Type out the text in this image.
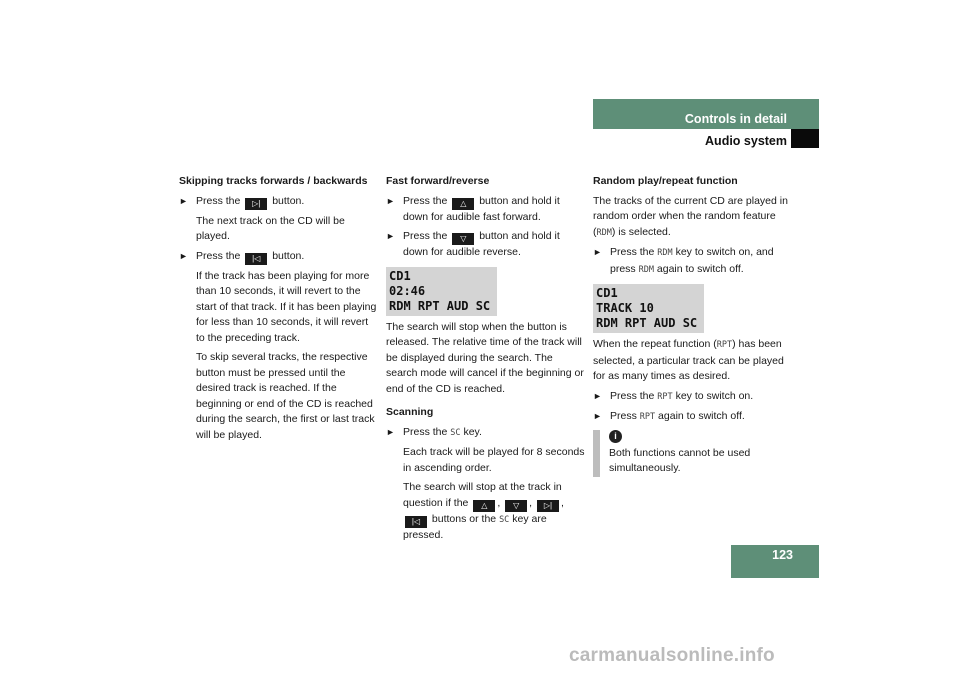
Controls in detail
Audio system
Skipping tracks forwards / backwards
► Press the ▷| button.

The next track on the CD will be played.

► Press the |◁ button.

If the track has been playing for more than 10 seconds, it will revert to the start of that track. If it has been playing for less than 10 seconds, it will revert to the preceding track.

To skip several tracks, the respective button must be pressed until the desired track is reached. If the beginning or end of the CD is reached during the search, the first or last track will be played.

Fast forward/reverse
► Press the △ button and hold it down for audible fast forward.
► Press the ▽ button and hold it down for audible reverse.
CD1
02:46
RDM RPT AUD SC

The search will stop when the button is released. The relative time of the track will be displayed during the search. The search mode will cancel if the beginning or end of the CD is reached.

Scanning
► Press the SC key.

Each track will be played for 8 seconds in ascending order.

The search will stop at the track in question if the △ , ▽ , ▷| , |◁ buttons or the SC key are pressed.

Random play/repeat function

The tracks of the current CD are played in random order when the random feature (RDM) is selected.

► Press the RDM key to switch on, and press RDM again to switch off.
CD1
TRACK 10
RDM RPT AUD SC

When the repeat function (RPT) has been selected, a particular track can be played for as many times as desired.

► Press the RPT key to switch on.
► Press RPT again to switch off.
i
Both functions cannot be used simultaneously.
123
carmanualsonline.info
